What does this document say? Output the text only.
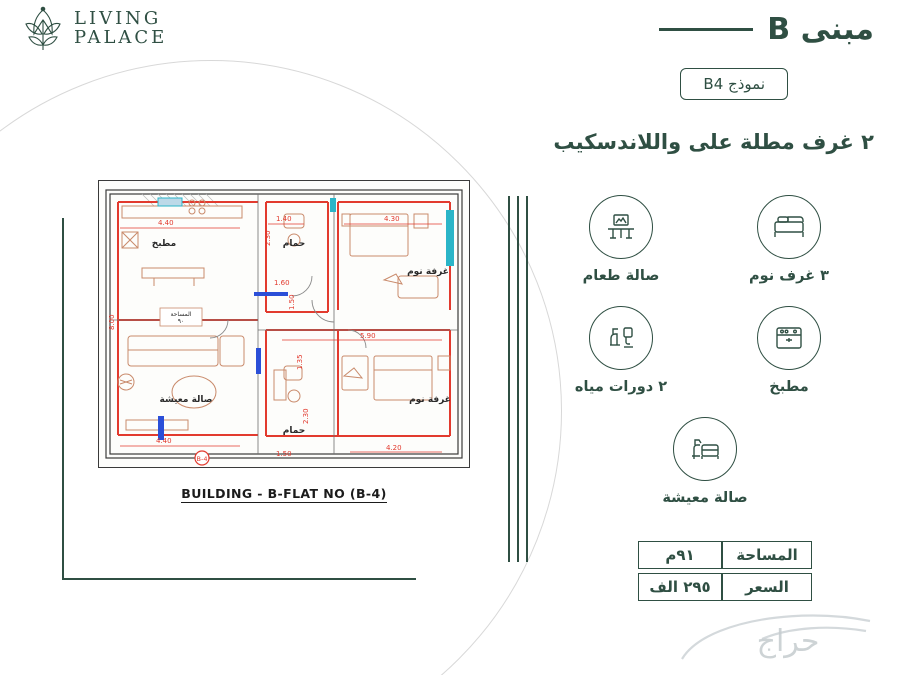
LIVING
PALACE	مبنى B
نموذج B4
٢ غرف مطلة على واللاندسكيب
٣ غرف نوم
صالة طعام
مطبخ
٢ دورات مياه
صالة معيشة
المساحة
٩١م
السعر
٢٩٥ الف
4.40	1.40	4.30
2.30
1.60
1.50
8.00
5.90
1.35
2.30
4.40
1.50
4.20
مطبخ	حمام
غرفة نوم
صالة معيشة
حمام
غرفة نوم
المساحة
٩٠
B-4
BUILDING - B-FLAT NO (B-4)
حراج
